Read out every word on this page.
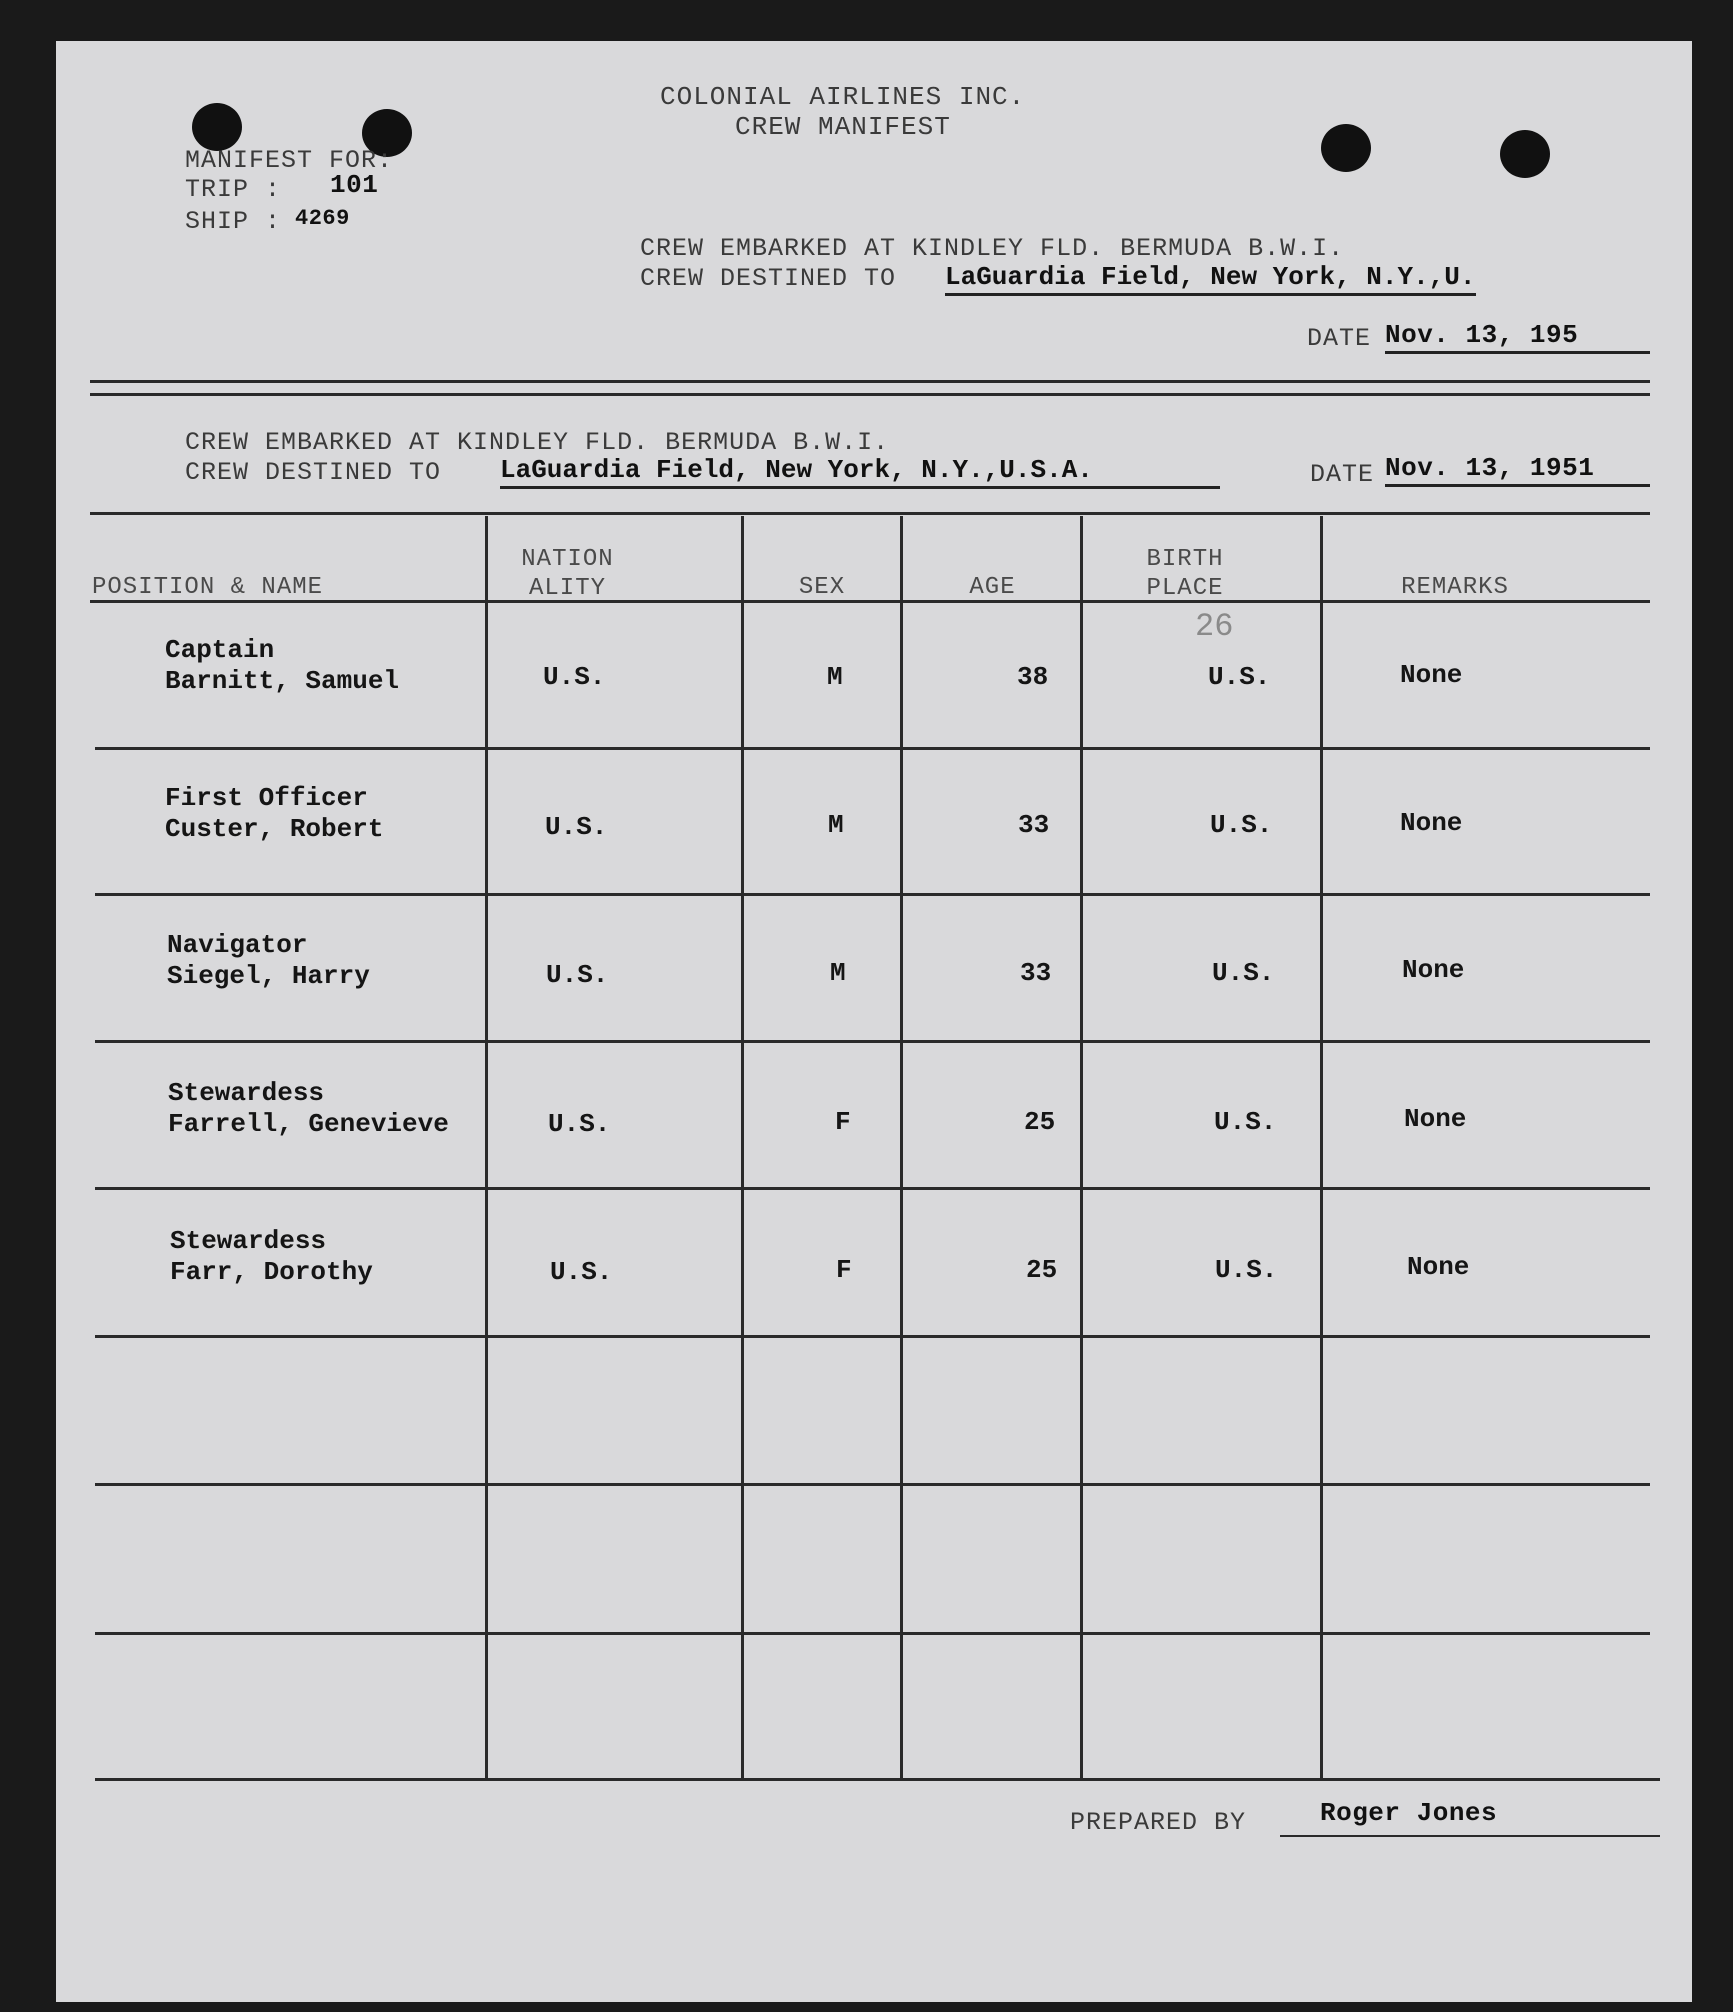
COLONIAL AIRLINES INC.
CREW MANIFEST
MANIFEST FOR:
TRIP : 101
SHIP : 4269
CREW EMBARKED AT KINDLEY FLD. BERMUDA B.W.I.
CREW DESTINED TO LaGuardia Field, New York, N.Y.,U.
DATE Nov. 13, 195
CREW EMBARKED AT KINDLEY FLD. BERMUDA B.W.I.
CREW DESTINED TO LaGuardia Field, New York, N.Y.,U.S.A.	DATE Nov. 13, 1951
POSITION & NAME
NATION
ALITY	SEX	AGE
BIRTH
PLACE	REMARKS
26
Captain
Barnitt, Samuel	U.S.	M	38	U.S.	None
First Officer
Custer, Robert	U.S.	M	33	U.S.	None
Navigator
Siegel, Harry	U.S.	M	33	U.S.	None
Stewardess
Farrell, Genevieve	U.S.	F	25	U.S.	None
Stewardess
Farr, Dorothy	U.S.	F	25	U.S.	None
PREPARED BY	Roger Jones
